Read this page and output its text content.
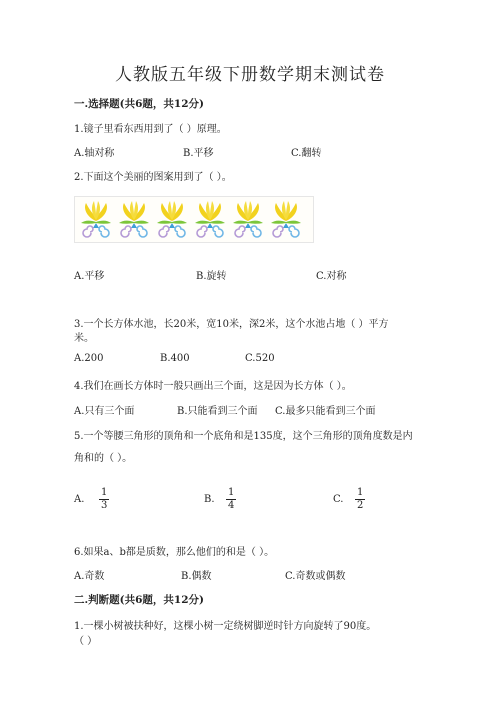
人教版五年级下册数学期末测试卷
一.选择题(共6题，共12分)
1.镜子里看东西用到了（ ）原理。
A.轴对称	B.平移	C.翻转
2.下面这个美丽的图案用到了（ ）。
A.平移	B.旋转	C.对称
3.一个长方体水池，长20米，宽10米，深2米，这个水池占地（ ）平方
米。
A.200	B.400	C.520
4.我们在画长方体时一般只画出三个面，这是因为长方体（ ）。
A.只有三个面	B.只能看到三个面 C.最多只能看到三个面
5.一个等腰三角形的顶角和一个底角和是135度，这个三角形的顶角度数是内
角和的（ ）。
A. $\frac{1}{3}$	B. $\frac{1}{4}$	C. $\frac{1}{2}$
6.如果a、b都是质数，那么他们的和是（ ）。
A.奇数	B.偶数	C.奇数或偶数
二.判断题(共6题，共12分)
1.一棵小树被扶种好，这棵小树一定绕树脚逆时针方向旋转了90度。
（ ）
